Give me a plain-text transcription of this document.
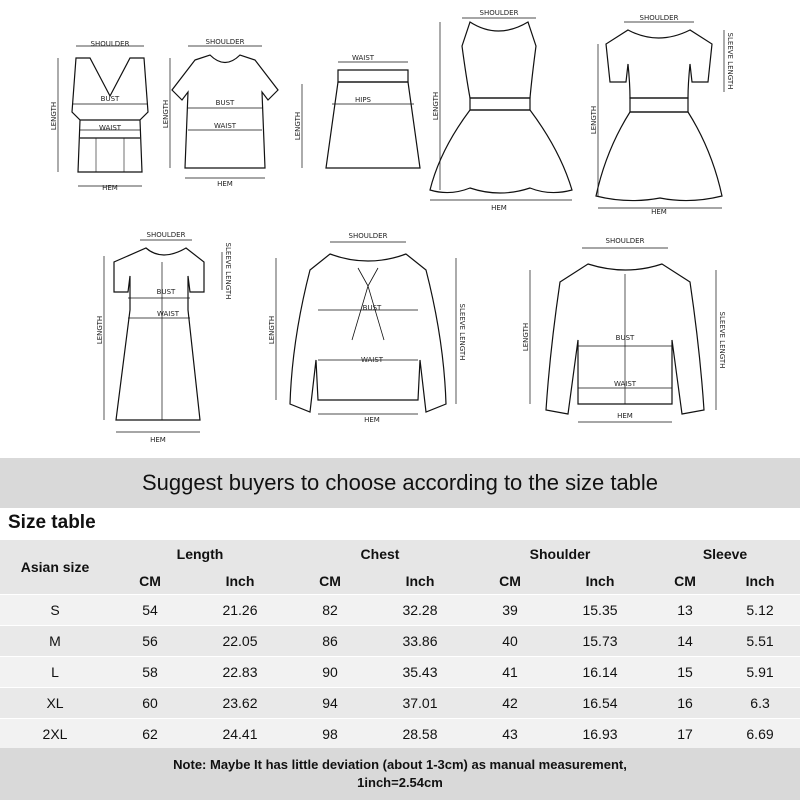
SHOULDER
BUST
WAIST
HEM
LENGTH
SHOULDER
BUST
WAIST
HEM
LENGTH
WAIST
HIPS
LENGTH
SHOULDER
HEM
LENGTH
SHOULDER
HEM
LENGTH
SLEEVE LENGTH
SHOULDER
BUST
WAIST
HEM
LENGTH
SLEEVE LENGTH
SHOULDER
BUST
WAIST
HEM
LENGTH	SLEEVE LENGTH
SHOULDER
BUST
WAIST
HEM
LENGTH	SLEEVE LENGTH
Suggest buyers to choose according to the size table
Size table
Asian size	Length		Chest		Shoulder		Sleeve	
	CM	Inch	CM	Inch	CM	Inch	CM	Inch
S	54	21.26	82	32.28	39	15.35	13	5.12
M	56	22.05	86	33.86	40	15.73	14	5.51
L	58	22.83	90	35.43	41	16.14	15	5.91
XL	60	23.62	94	37.01	42	16.54	16	6.3
2XL	62	24.41	98	28.58	43	16.93	17	6.69
Note: Maybe It has little deviation (about 1-3cm) as manual measurement,
1inch=2.54cm
